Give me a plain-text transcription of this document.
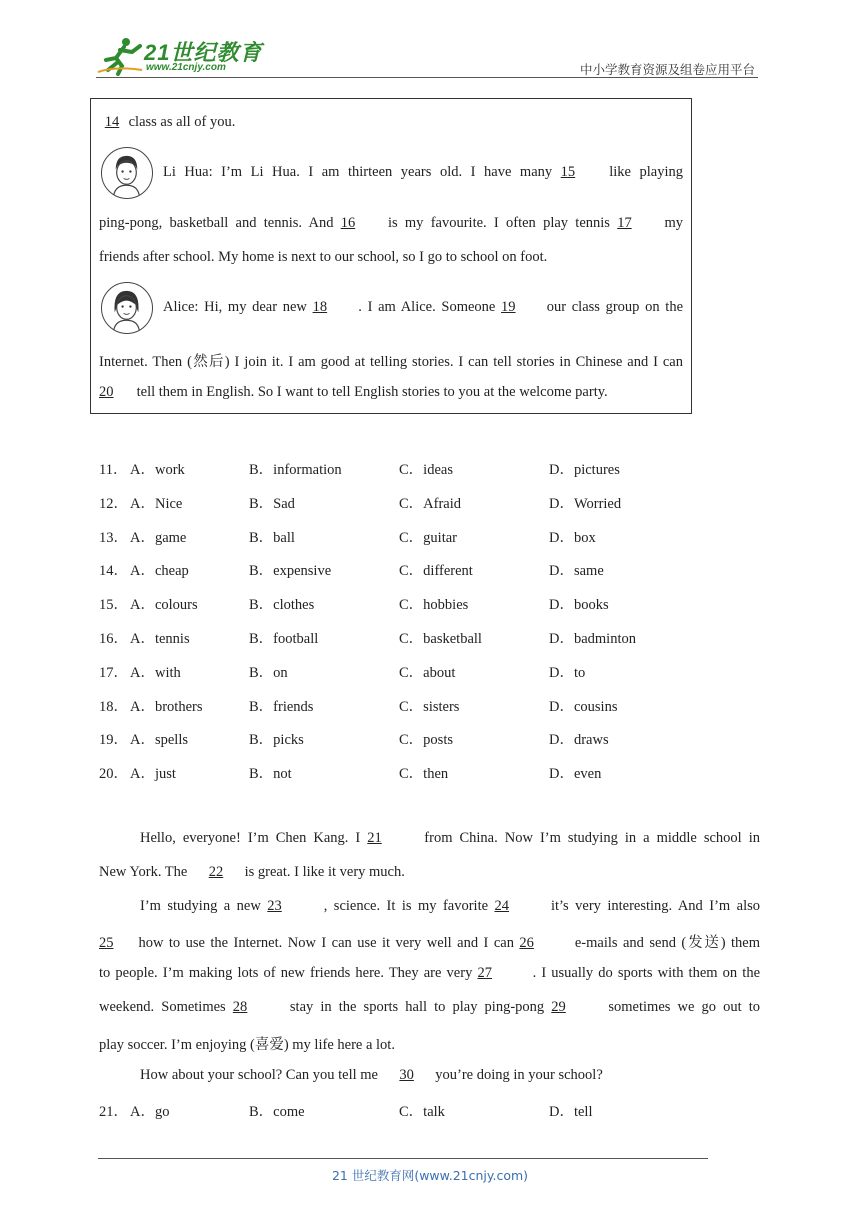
21世纪教育
www.21cnjy.com	中小学教育资源及组卷应用平台
14 class as all of you.
Li Hua: I’m Li Hua. I am thirteen years old. I have many 15 like playing
ping-pong, basketball and tennis. And 16 is my favourite. I often play tennis 17 my
friends after school. My home is next to our school, so I go to school on foot.
Alice: Hi, my dear new 18 . I am Alice. Someone 19 our class group on the
Internet. Then (然后) I join it. I am good at telling stories. I can tell stories in Chinese and I can
20 tell them in English. So I want to tell English stories to you at the welcome party.
11． A．work	B．information	C．ideas	D．pictures
12． A．Nice	B．Sad	C．Afraid	D．Worried
13． A．game	B．ball	C．guitar	D．box
14． A．cheap	B．expensive	C．different	D．same
15． A．colours	B．clothes	C．hobbies	D．books
16． A．tennis	B．football	C．basketball	D．badminton
17． A．with	B．on	C．about	D．to
18． A．brothers	B．friends	C．sisters	D．cousins
19． A．spells	B．picks	C．posts	D．draws
20． A．just	B．not	C．then	D．even
Hello, everyone! I’m Chen Kang. I 21	from China. Now I’m studying in a middle school in
New York. The 22 is great. I like it very much.
I’m studying a new 23	, science. It is my favorite 24	it’s very interesting. And I’m also
25 how to use the Internet. Now I can use it very well and I can 26	e-mails and send (发送) them
to people. I’m making lots of new friends here. They are very 27	. I usually do sports with them on the
weekend. Sometimes 28	stay in the sports hall to play ping-pong 29	sometimes we go out to
play soccer. I’m enjoying (喜爱) my life here a lot.
How about your school? Can you tell me 30 you’re doing in your school?
21． A．go	B．come	C．talk	D．tell
21 世纪教育网(www.21cnjy.com)
